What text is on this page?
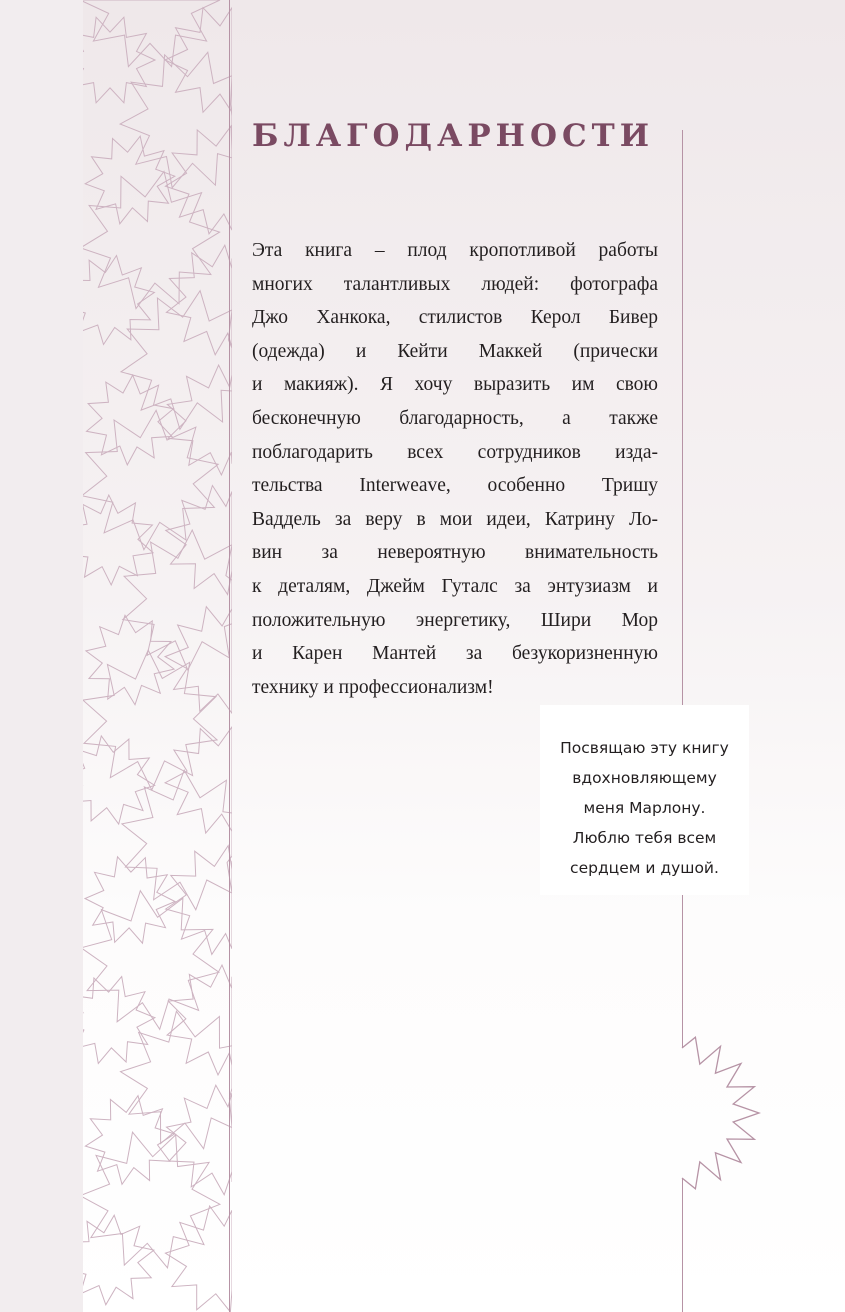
БЛАГОДАРНОСТИ
Эта книга – плод кропотливой работы
многих талантливых людей: фотографа
Джо Ханкока, стилистов Керол Бивер
(одежда) и Кейти Маккей (прически
и макияж). Я хочу выразить им свою
бесконечную благодарность, а также
поблагодарить всех сотрудников изда-
тельства Interweave, особенно Тришу
Ваддель за веру в мои идеи, Катрину Ло-
вин за невероятную внимательность
к деталям, Джейм Гуталс за энтузиазм и
положительную энергетику, Шири Мор
и Карен Мантей за безукоризненную
технику и профессионализм!
Посвящаю эту книгу
вдохновляющему
меня Марлону.
Люблю тебя всем
сердцем и душой.
